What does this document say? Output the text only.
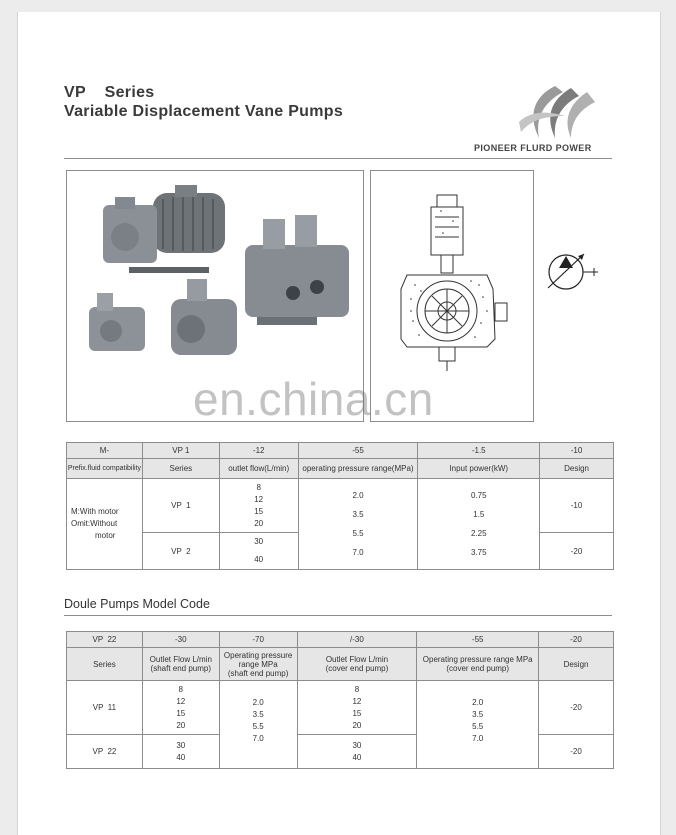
VP    Series
Variable Displacement Vane Pumps
PIONEER FLURD POWER
en.china.cn
M-	VP 1	-12	-55	-1.5	-10
Prefix.fluid compatibility	Series	outlet flow(L/min)	operating pressure range(MPa)	Input power(kW)	Design

M:With motor
Omit:Without
motor	VP  1	8
12
15
20	2.0
3.5
5.5
7.0	0.75
1.5
2.25
3.75	-10
	VP  2	30
40			-20
Doule Pumps Model Code
VP  22	-30	-70	/-30	-55	-20
Series	Outlet Flow L/min
(shaft end pump)	Operating pressure
range MPa
(shaft end pump)	Outlet Flow L/min
(cover end pump)	Operating pressure range MPa
(cover end pump)	Design
VP  11	8
12
15
20	2.0
3.5
5.5
7.0	8
12
15
20	2.0
3.5
5.5
7.0	-20
VP  22	30
40		30
40		-20
